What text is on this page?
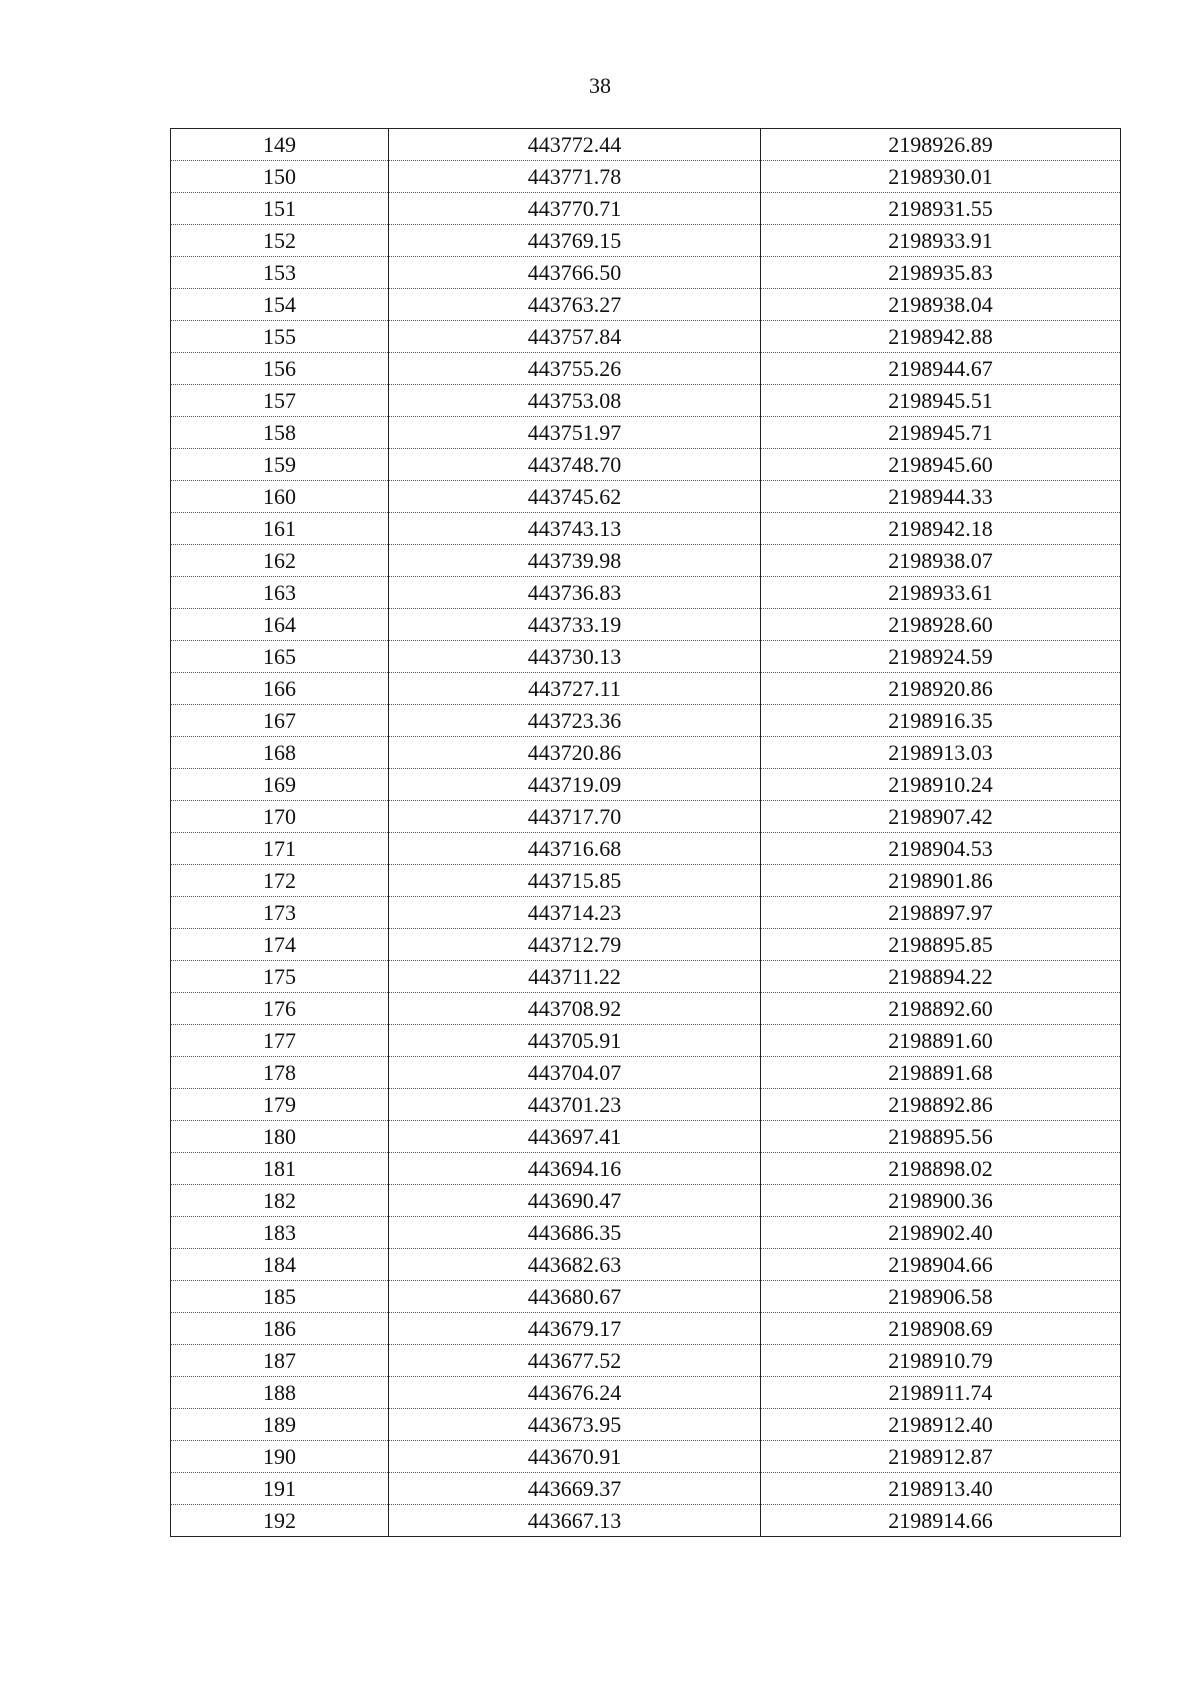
38
149	443772.44	2198926.89
150	443771.78	2198930.01
151	443770.71	2198931.55
152	443769.15	2198933.91
153	443766.50	2198935.83
154	443763.27	2198938.04
155	443757.84	2198942.88
156	443755.26	2198944.67
157	443753.08	2198945.51
158	443751.97	2198945.71
159	443748.70	2198945.60
160	443745.62	2198944.33
161	443743.13	2198942.18
162	443739.98	2198938.07
163	443736.83	2198933.61
164	443733.19	2198928.60
165	443730.13	2198924.59
166	443727.11	2198920.86
167	443723.36	2198916.35
168	443720.86	2198913.03
169	443719.09	2198910.24
170	443717.70	2198907.42
171	443716.68	2198904.53
172	443715.85	2198901.86
173	443714.23	2198897.97
174	443712.79	2198895.85
175	443711.22	2198894.22
176	443708.92	2198892.60
177	443705.91	2198891.60
178	443704.07	2198891.68
179	443701.23	2198892.86
180	443697.41	2198895.56
181	443694.16	2198898.02
182	443690.47	2198900.36
183	443686.35	2198902.40
184	443682.63	2198904.66
185	443680.67	2198906.58
186	443679.17	2198908.69
187	443677.52	2198910.79
188	443676.24	2198911.74
189	443673.95	2198912.40
190	443670.91	2198912.87
191	443669.37	2198913.40
192	443667.13	2198914.66
